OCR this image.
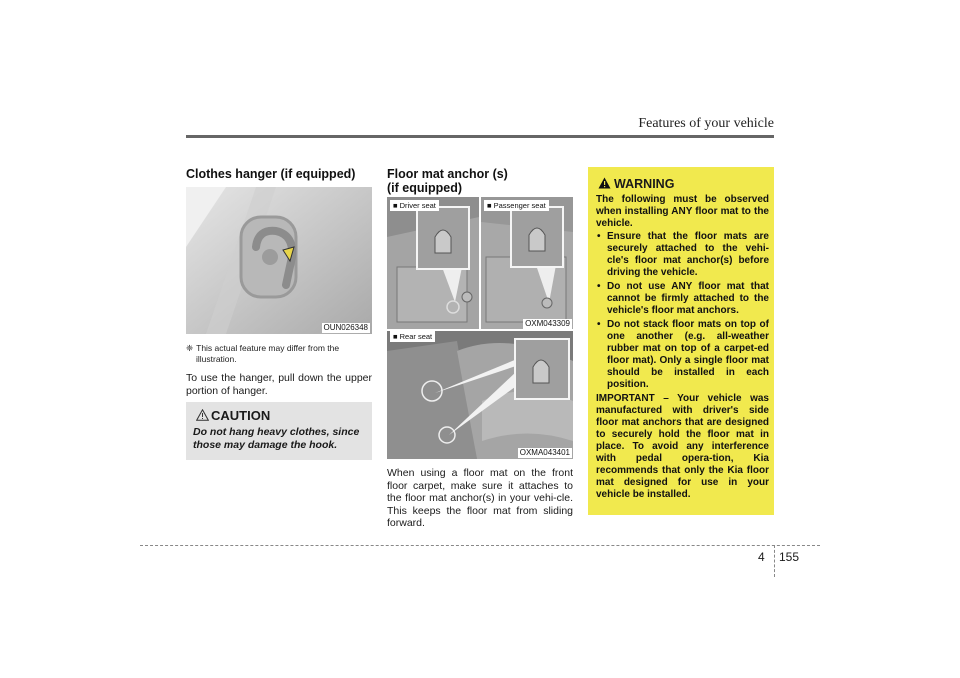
Features of your vehicle
Clothes hanger (if equipped)
OUN026348
❈ This actual feature may differ from the
illustration.
To use the hanger, pull down the upper portion of hanger.
CAUTION
Do not hang heavy clothes, since those may damage the hook.
Floor mat anchor (s)
(if equipped)
■ Driver seat	■ Passenger seat
OXM043309
■ Rear seat
OXMA043401
When using a floor mat on the front floor carpet, make sure it attaches to the floor mat anchor(s) in your vehi-cle. This keeps the floor mat from sliding forward.
WARNING

The following must be observed when installing ANY floor mat to the vehicle.

• Ensure that the floor mats are securely attached to the vehi-cle's floor mat anchor(s) before driving the vehicle.
• Do not use ANY floor mat that cannot be firmly attached to the vehicle's floor mat anchors.
• Do not stack floor mats on top of one another (e.g. all-weather rubber mat on top of a carpet-ed floor mat). Only a single floor mat should be installed in each position.

IMPORTANT – Your vehicle was manufactured with driver's side floor mat anchors that are designed to securely hold the floor mat in place. To avoid any interference with pedal opera-tion, Kia recommends that only the Kia floor mat designed for use in your vehicle be installed.

4 155
